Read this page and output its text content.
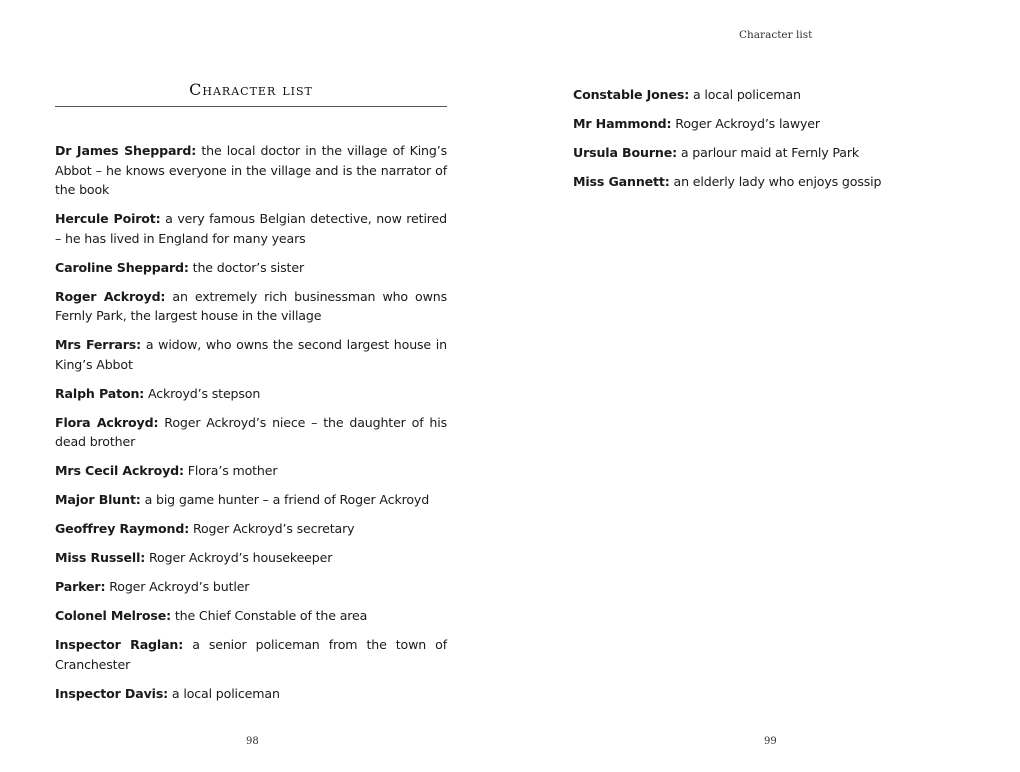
Character list
Dr James Sheppard: the local doctor in the village of King’s Abbot – he knows everyone in the village and is the narrator of the book
Hercule Poirot: a very famous Belgian detective, now retired – he has lived in England for many years
Caroline Sheppard: the doctor’s sister
Roger Ackroyd: an extremely rich businessman who owns Fernly Park, the largest house in the village
Mrs Ferrars: a widow, who owns the second largest house in King’s Abbot
Ralph Paton: Ackroyd’s stepson
Flora Ackroyd: Roger Ackroyd’s niece – the daughter of his dead brother
Mrs Cecil Ackroyd: Flora’s mother
Major Blunt: a big game hunter – a friend of Roger Ackroyd
Geoffrey Raymond: Roger Ackroyd’s secretary
Miss Russell: Roger Ackroyd’s housekeeper
Parker: Roger Ackroyd’s butler
Colonel Melrose: the Chief Constable of the area
Inspector Raglan: a senior policeman from the town of Cranchester
Inspector Davis: a local policeman
98
Character list
Constable Jones: a local policeman
Mr Hammond: Roger Ackroyd’s lawyer
Ursula Bourne: a parlour maid at Fernly Park
Miss Gannett: an elderly lady who enjoys gossip
99
